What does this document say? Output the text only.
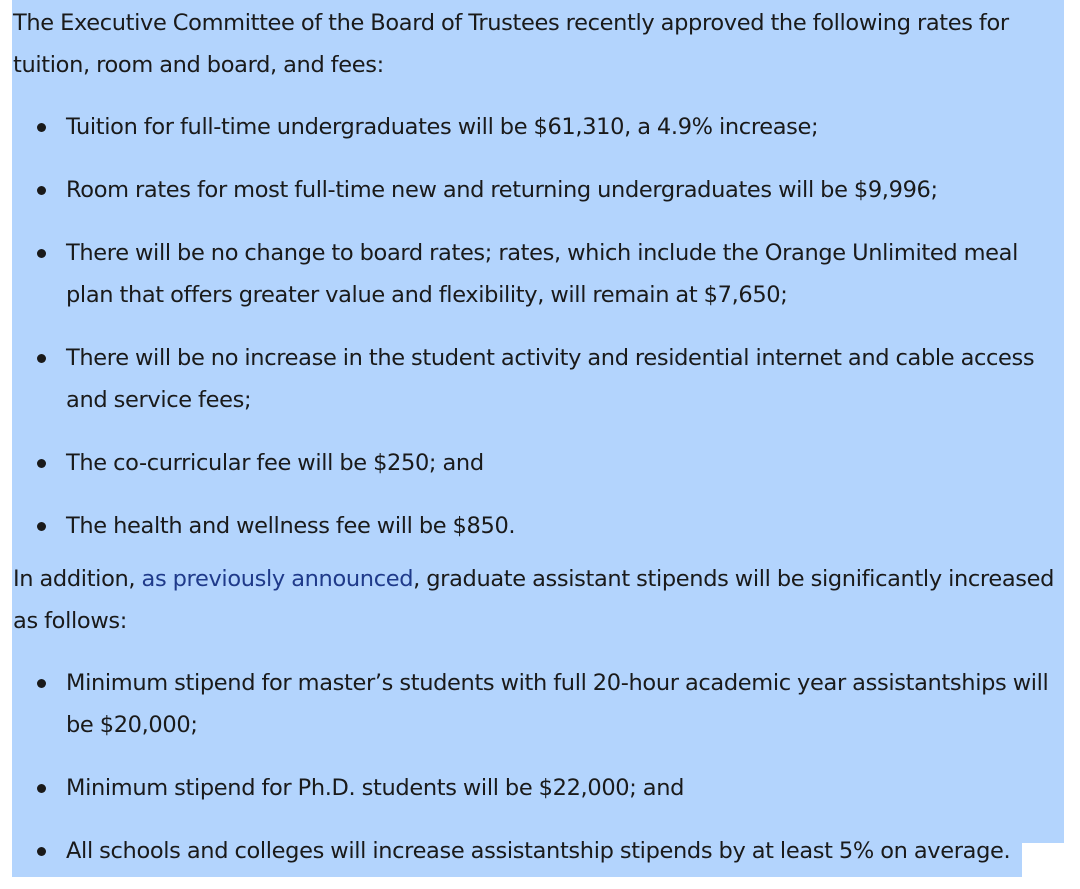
The Executive Committee of the Board of Trustees recently approved the following rates for tuition, room and board, and fees:

Tuition for full-time undergraduates will be $61,310, a 4.9% increase;
Room rates for most full-time new and returning undergraduates will be $9,996;
There will be no change to board rates; rates, which include the Orange Unlimited meal plan that offers greater value and flexibility, will remain at $7,650;
There will be no increase in the student activity and residential internet and cable access and service fees;
The co-curricular fee will be $250; and
The health and wellness fee will be $850.

In addition, as previously announced, graduate assistant stipends will be significantly increased as follows:

Minimum stipend for master’s students with full 20-hour academic year assistantships will be $20,000;
Minimum stipend for Ph.D. students will be $22,000; and
All schools and colleges will increase assistantship stipends by at least 5% on average.
